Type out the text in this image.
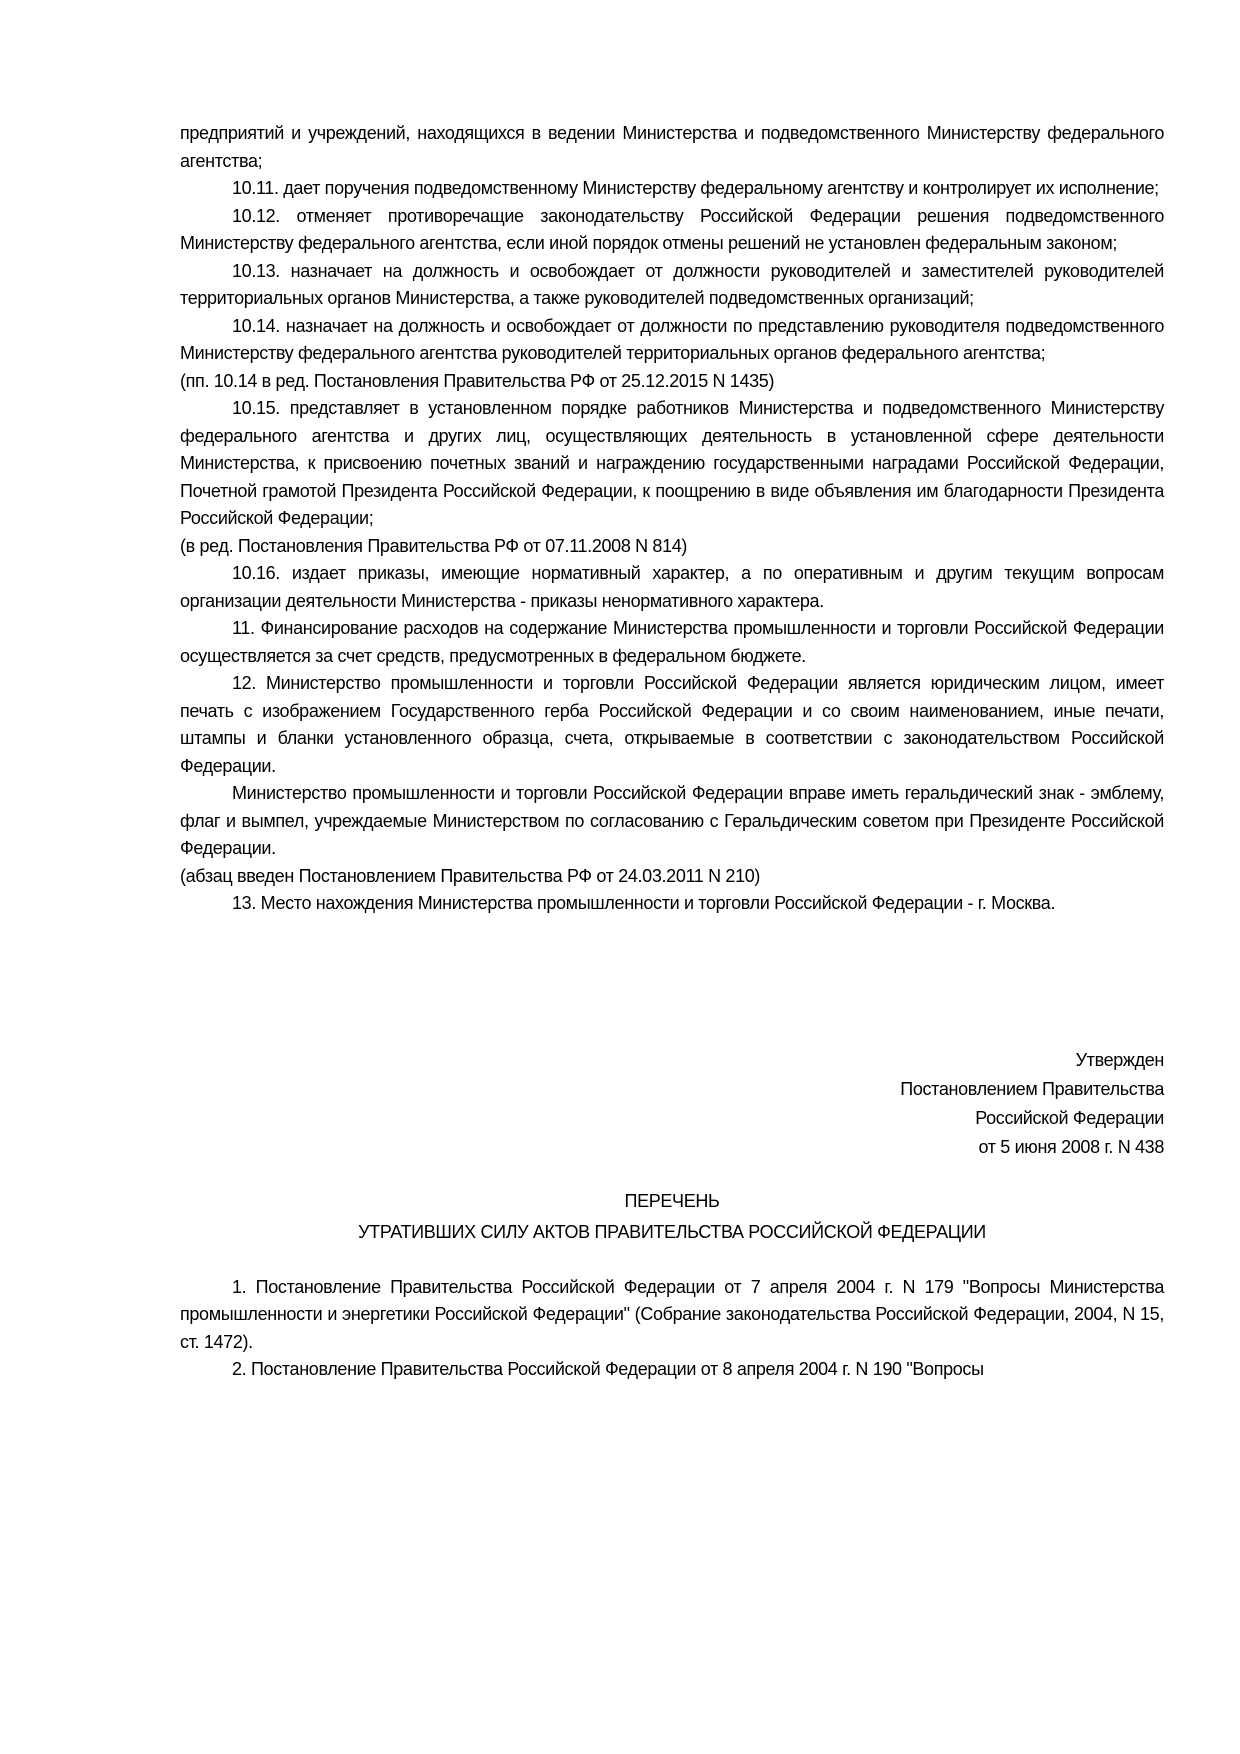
предприятий и учреждений, находящихся в ведении Министерства и подведомственного Министерству федерального агентства;

10.11. дает поручения подведомственному Министерству федеральному агентству и контролирует их исполнение;

10.12. отменяет противоречащие законодательству Российской Федерации решения подведомственного Министерству федерального агентства, если иной порядок отмены решений не установлен федеральным законом;

10.13. назначает на должность и освобождает от должности руководителей и заместителей руководителей территориальных органов Министерства, а также руководителей подведомственных организаций;

10.14. назначает на должность и освобождает от должности по представлению руководителя подведомственного Министерству федерального агентства руководителей территориальных органов федерального агентства;

(пп. 10.14 в ред. Постановления Правительства РФ от 25.12.2015 N 1435)

10.15. представляет в установленном порядке работников Министерства и подведомственного Министерству федерального агентства и других лиц, осуществляющих деятельность в установленной сфере деятельности Министерства, к присвоению почетных званий и награждению государственными наградами Российской Федерации, Почетной грамотой Президента Российской Федерации, к поощрению в виде объявления им благодарности Президента Российской Федерации;

(в ред. Постановления Правительства РФ от 07.11.2008 N 814)

10.16. издает приказы, имеющие нормативный характер, а по оперативным и другим текущим вопросам организации деятельности Министерства - приказы ненормативного характера.

11. Финансирование расходов на содержание Министерства промышленности и торговли Российской Федерации осуществляется за счет средств, предусмотренных в федеральном бюджете.

12. Министерство промышленности и торговли Российской Федерации является юридическим лицом, имеет печать с изображением Государственного герба Российской Федерации и со своим наименованием, иные печати, штампы и бланки установленного образца, счета, открываемые в соответствии с законодательством Российской Федерации.

Министерство промышленности и торговли Российской Федерации вправе иметь геральдический знак - эмблему, флаг и вымпел, учреждаемые Министерством по согласованию с Геральдическим советом при Президенте Российской Федерации.

(абзац введен Постановлением Правительства РФ от 24.03.2011 N 210)

13. Место нахождения Министерства промышленности и торговли Российской Федерации - г. Москва.

Утвержден
Постановлением Правительства
Российской Федерации
от 5 июня 2008 г. N 438
ПЕРЕЧЕНЬ
УТРАТИВШИХ СИЛУ АКТОВ ПРАВИТЕЛЬСТВА РОССИЙСКОЙ ФЕДЕРАЦИИ

1. Постановление Правительства Российской Федерации от 7 апреля 2004 г. N 179 "Вопросы Министерства промышленности и энергетики Российской Федерации" (Собрание законодательства Российской Федерации, 2004, N 15, ст. 1472).

2. Постановление Правительства Российской Федерации от 8 апреля 2004 г. N 190 "Вопросы
